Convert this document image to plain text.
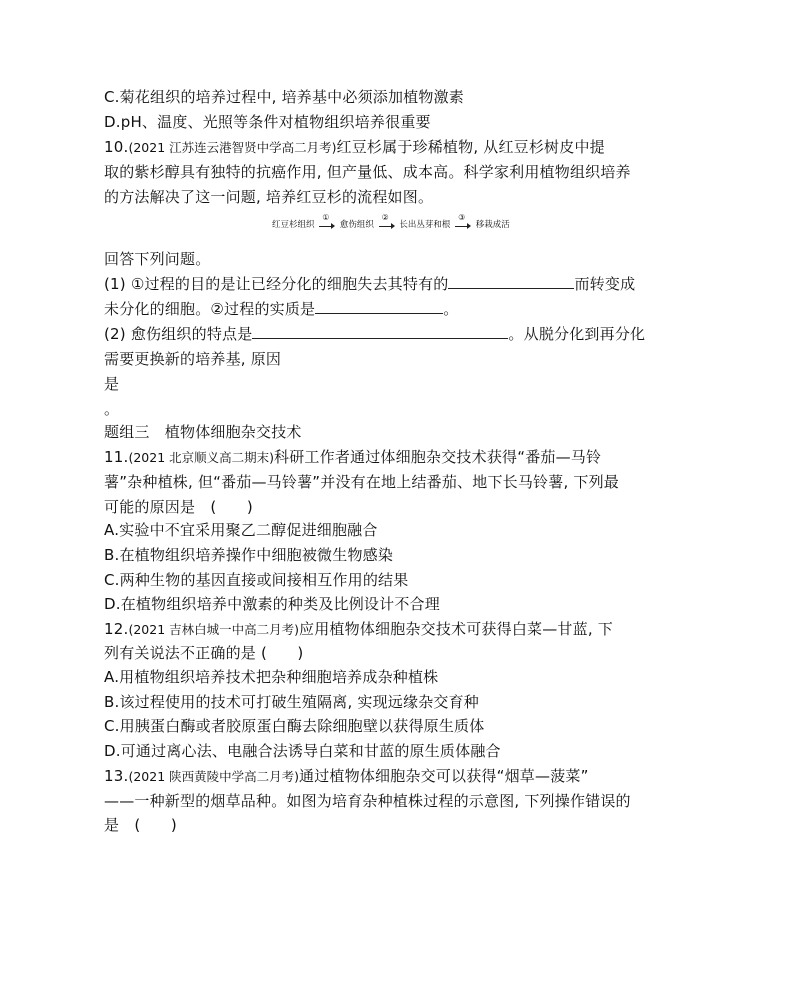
C.菊花组织的培养过程中, 培养基中必须添加植物激素
D.pH、温度、光照等条件对植物组织培养很重要
10.(2021 江苏连云港智贤中学高二月考)红豆杉属于珍稀植物, 从红豆杉树皮中提
取的紫杉醇具有独特的抗癌作用, 但产量低、成本高。科学家利用植物组织培养
的方法解决了这一问题, 培养红豆杉的流程如图。
红豆杉组织
①
愈伤组织
②
长出丛芽和根
③
移栽成活
回答下列问题。
(1) ①过程的目的是让已经分化的细胞失去其特有的	而转变成
未分化的细胞。②过程的实质是	。
(2) 愈伤组织的特点是	。从脱分化到再分化
需要更换新的培养基, 原因
是
。
题组三　植物体细胞杂交技术
11.(2021 北京顺义高二期末)科研工作者通过体细胞杂交技术获得“番茄—马铃
薯”杂种植株, 但“番茄—马铃薯”并没有在地上结番茄、地下长马铃薯, 下列最
可能的原因是　(　　)
A.实验中不宜采用聚乙二醇促进细胞融合
B.在植物组织培养操作中细胞被微生物感染
C.两种生物的基因直接或间接相互作用的结果
D.在植物组织培养中激素的种类及比例设计不合理
12.(2021 吉林白城一中高二月考)应用植物体细胞杂交技术可获得白菜—甘蓝, 下
列有关说法不正确的是 (　　)
A.用植物组织培养技术把杂种细胞培养成杂种植株
B.该过程使用的技术可打破生殖隔离, 实现远缘杂交育种
C.用胰蛋白酶或者胶原蛋白酶去除细胞壁以获得原生质体
D.可通过离心法、电融合法诱导白菜和甘蓝的原生质体融合
13.(2021 陕西黄陵中学高二月考)通过植物体细胞杂交可以获得“烟草—菠菜”
——一种新型的烟草品种。如图为培育杂种植株过程的示意图, 下列操作错误的
是　(　　)
